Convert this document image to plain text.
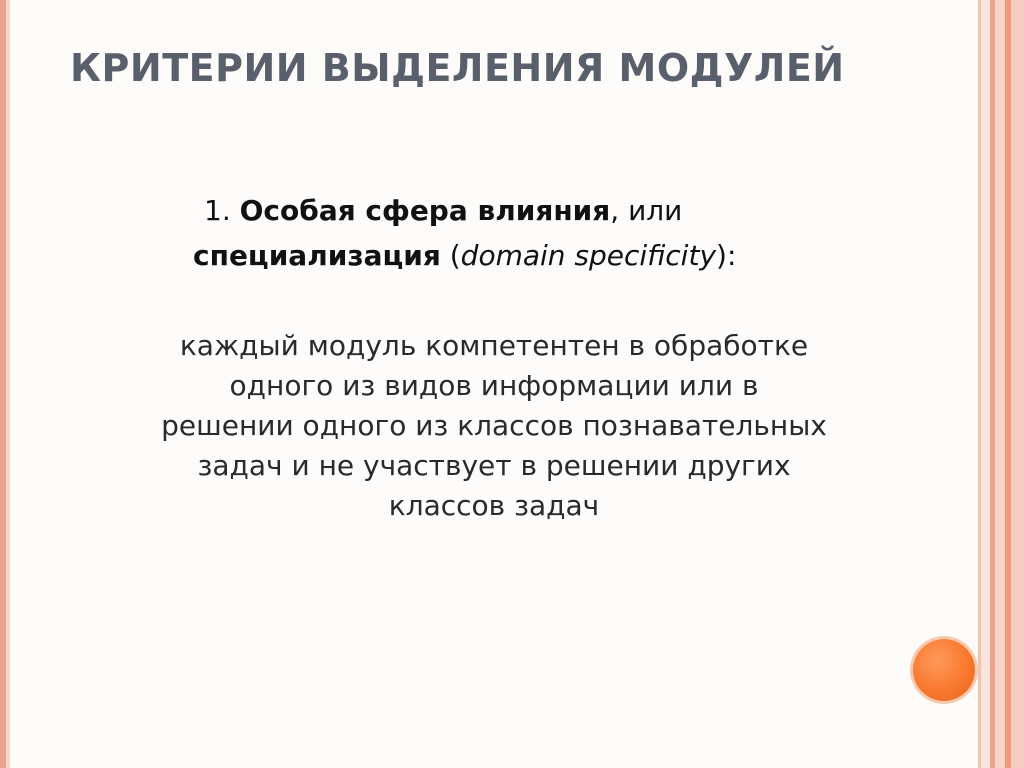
КРИТЕРИИ ВЫДЕЛЕНИЯ МОДУЛЕЙ
1. Особая сфера влияния, или
специализация (domain specificity):
каждый модуль компетентен в обработке
одного из видов информации или в
решении одного из классов познавательных
задач и не участвует в решении других
классов задач
